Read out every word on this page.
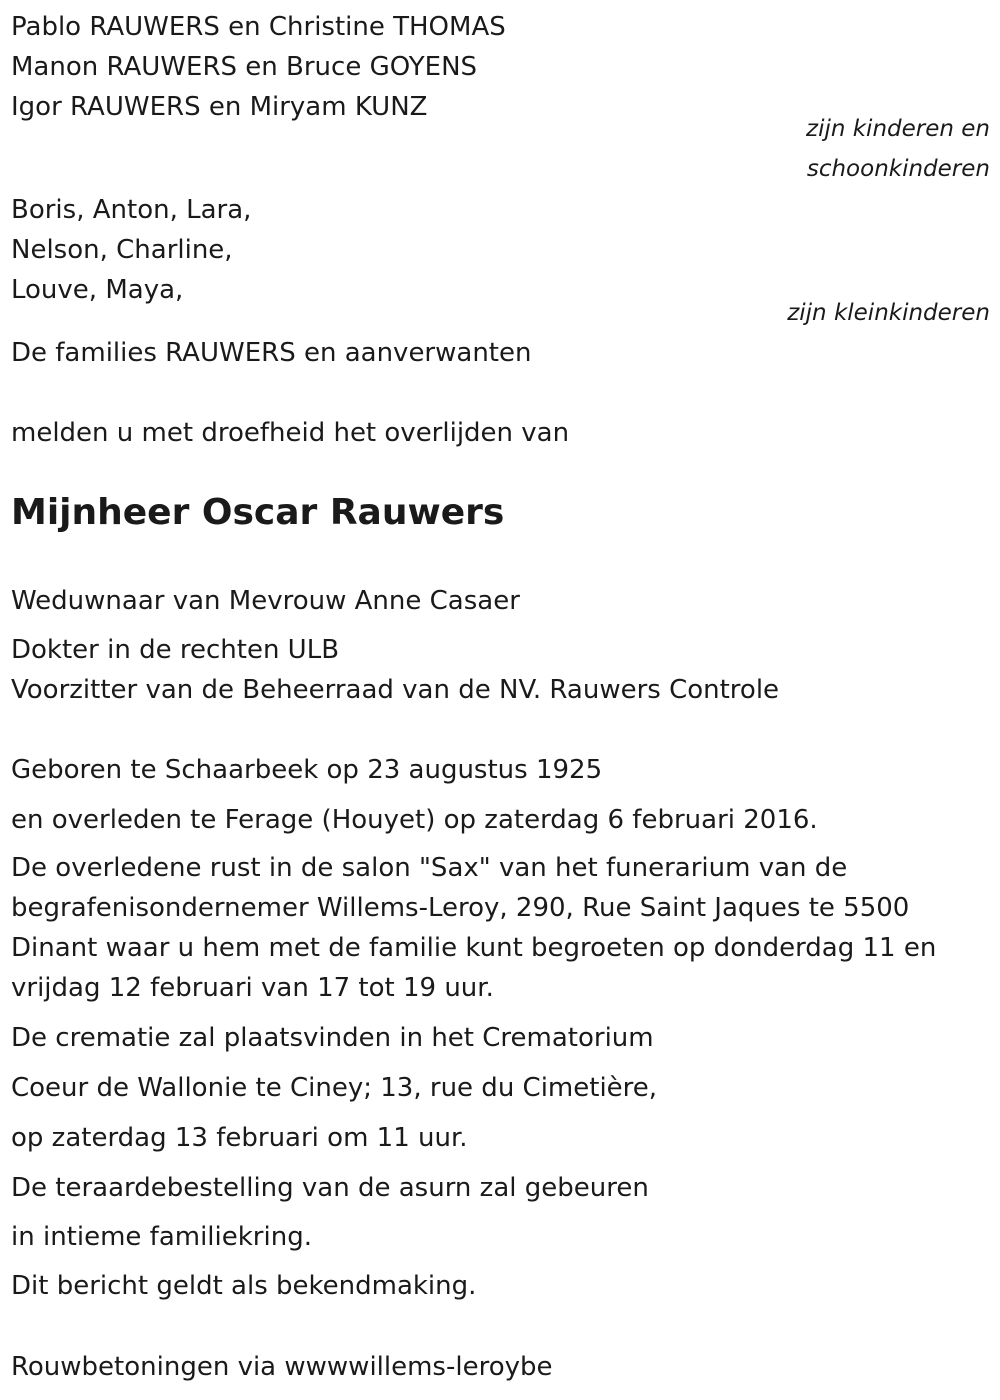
Pablo RAUWERS en Christine THOMAS
Manon RAUWERS en Bruce GOYENS
Igor RAUWERS en Miryam KUNZ
zijn kinderen en
schoonkinderen
Boris, Anton, Lara,
Nelson, Charline,
Louve, Maya,
zijn kleinkinderen
De families RAUWERS en aanverwanten
melden u met droefheid het overlijden van
Mijnheer Oscar Rauwers
Weduwnaar van Mevrouw Anne Casaer
Dokter in de rechten ULB
Voorzitter van de Beheerraad van de NV. Rauwers Controle
Geboren te Schaarbeek op 23 augustus 1925
en overleden te Ferage (Houyet) op zaterdag 6 februari 2016.
De overledene rust in de salon "Sax" van het funerarium van de begrafenisondernemer Willems-Leroy, 290, Rue Saint Jaques te 5500 Dinant waar u hem met de familie kunt begroeten op donderdag 11 en vrijdag 12 februari van 17 tot 19 uur.
De crematie zal plaatsvinden in het Crematorium
Coeur de Wallonie te Ciney; 13, rue du Cimetière,
op zaterdag 13 februari om 11 uur.
De teraardebestelling van de asurn zal gebeuren
in intieme familiekring.
Dit bericht geldt als bekendmaking.
Rouwbetoningen via wwwwillems-leroybe
